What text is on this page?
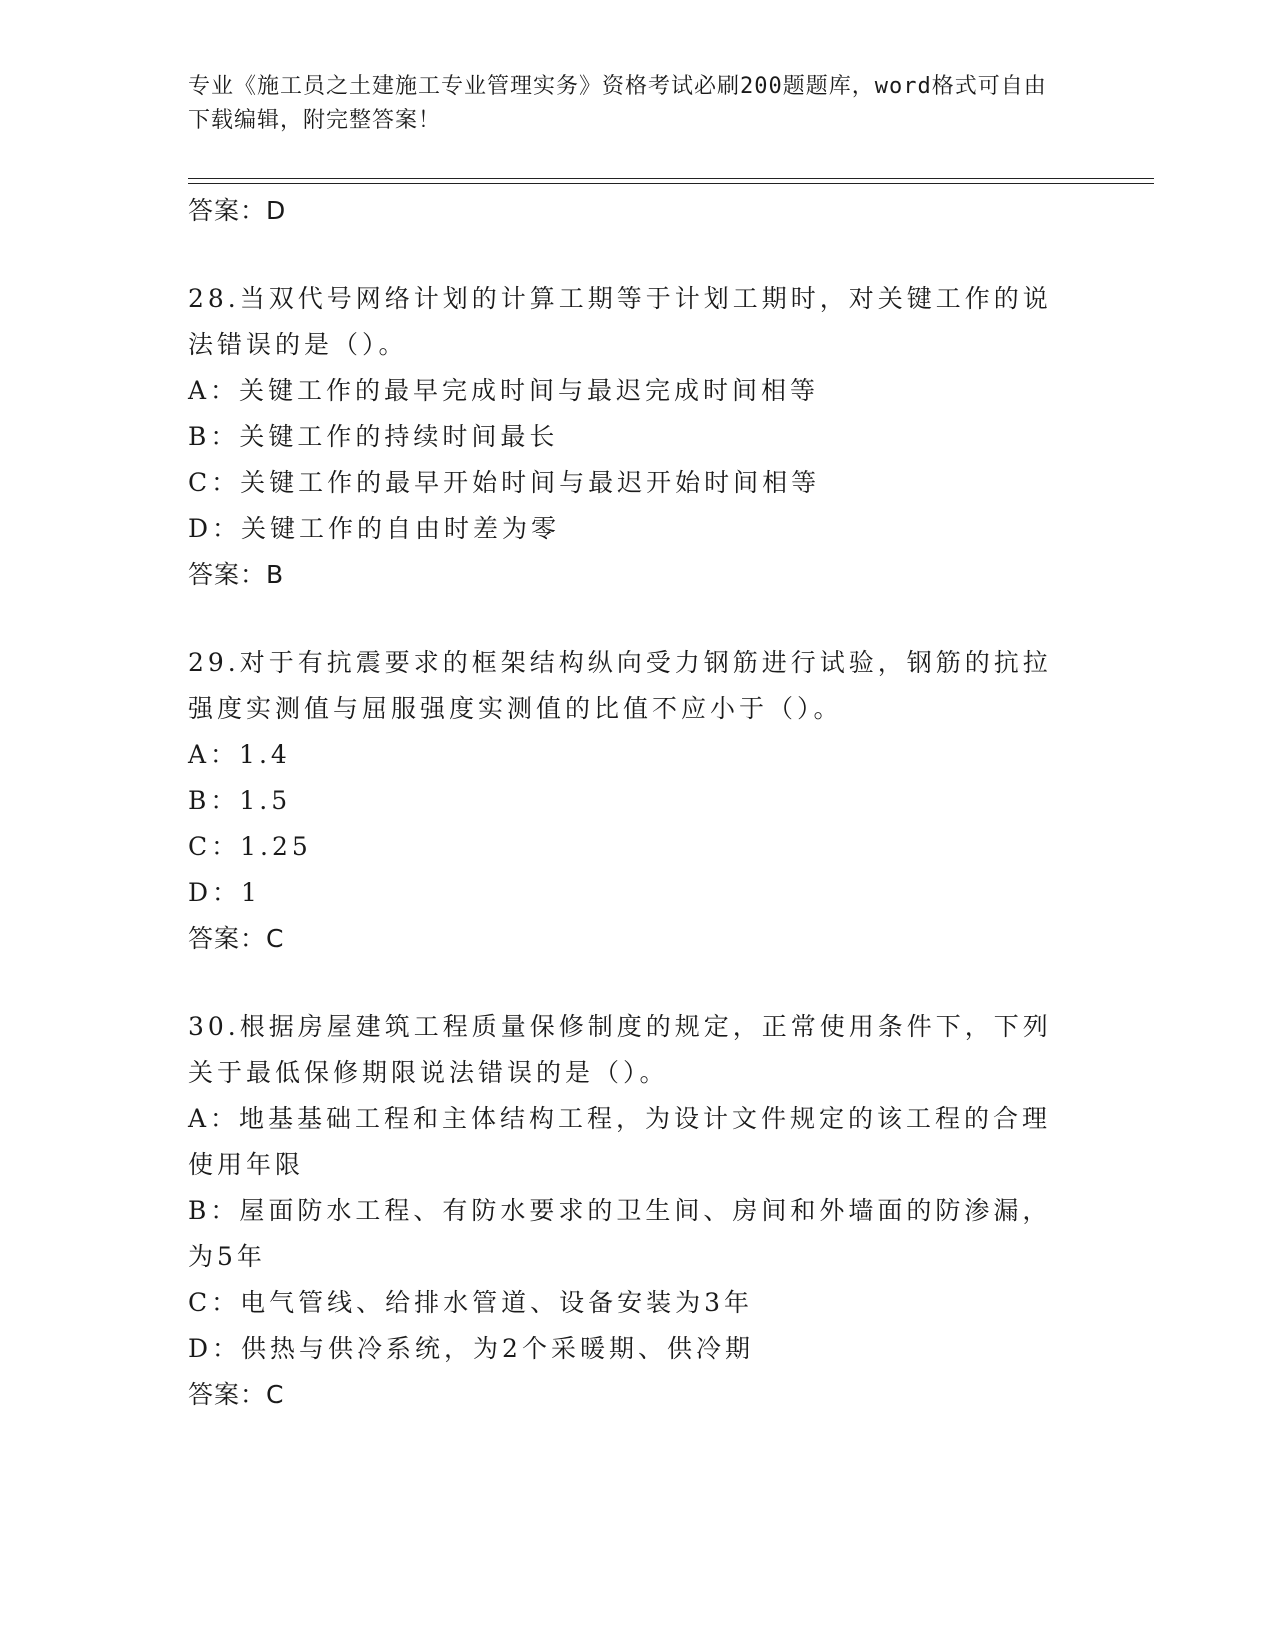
专业《施工员之土建施工专业管理实务》资格考试必刷200题题库，word格式可自由下载编辑，附完整答案！
答案：D
28.当双代号网络计划的计算工期等于计划工期时，对关键工作的说法错误的是（）。
A：关键工作的最早完成时间与最迟完成时间相等
B：关键工作的持续时间最长
C：关键工作的最早开始时间与最迟开始时间相等
D：关键工作的自由时差为零
答案：B
29.对于有抗震要求的框架结构纵向受力钢筋进行试验，钢筋的抗拉强度实测值与屈服强度实测值的比值不应小于（）。
A：1.4
B：1.5
C：1.25
D：1
答案：C
30.根据房屋建筑工程质量保修制度的规定，正常使用条件下，下列关于最低保修期限说法错误的是（）。
A：地基基础工程和主体结构工程，为设计文件规定的该工程的合理使用年限
B：屋面防水工程、有防水要求的卫生间、房间和外墙面的防渗漏，为5年
C：电气管线、给排水管道、设备安装为3年
D：供热与供冷系统，为2个采暖期、供冷期
答案：C
